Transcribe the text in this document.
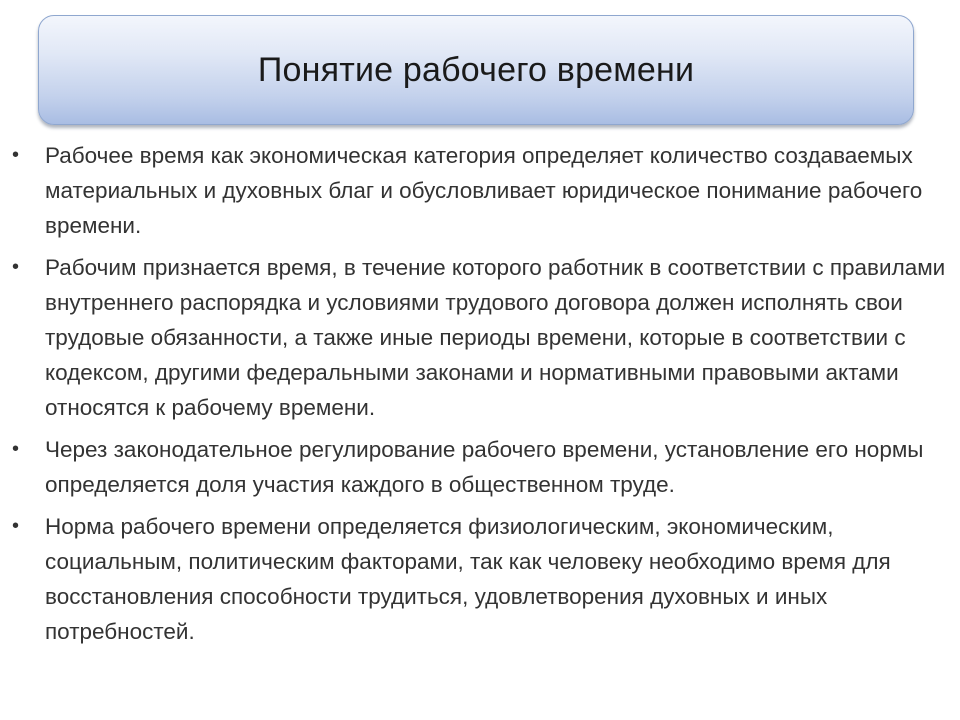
Понятие рабочего времени
• Рабочее время как экономическая категория определяет количество создаваемых материальных и духовных благ и обусловливает юридическое понимание рабочего времени.
• Рабочим признается время, в течение которого работник в соответствии с правилами внутреннего распорядка и условиями трудового договора должен исполнять свои трудовые обязанности, а также иные периоды времени, которые в соответствии с кодексом, другими федеральными законами и нормативными правовыми актами относятся к рабочему времени.
• Через законодательное регулирование рабочего времени, установление его нормы определяется доля участия каждого в общественном труде.
• Норма рабочего времени определяется физиологическим, экономическим, социальным, политическим факторами, так как человеку необходимо время для восстановления способности трудиться, удовлетворения духовных и иных потребностей.
